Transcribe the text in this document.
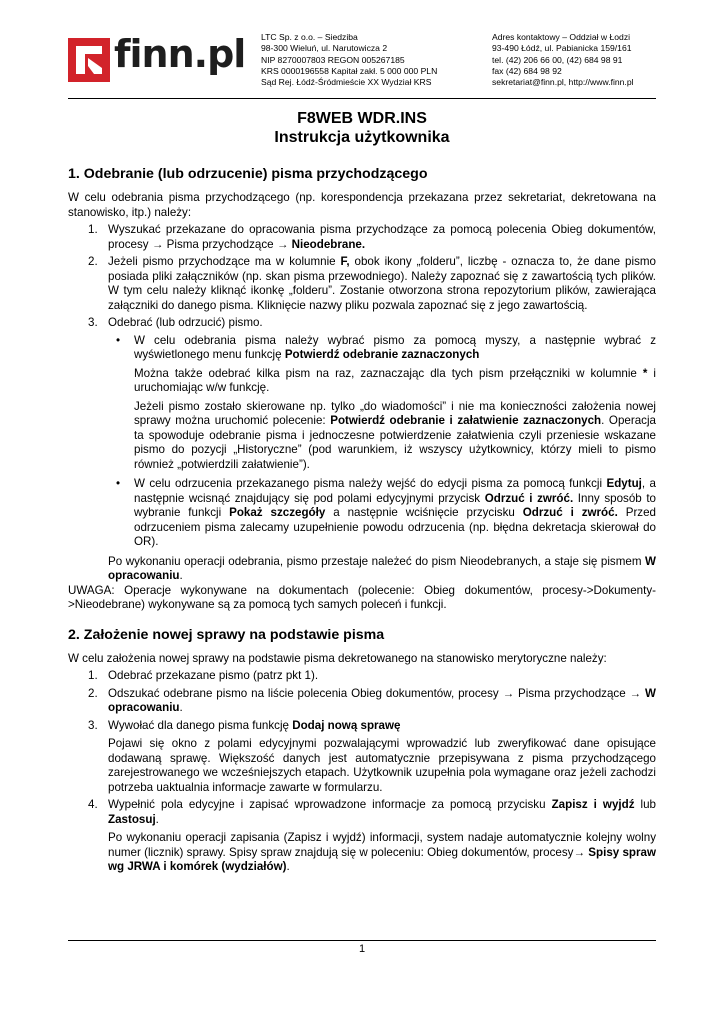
finn.pl LTC Sp. z o.o. – Siedziba
98-300 Wieluń, ul. Narutowicza 2
NIP 8270007803 REGON 005267185
KRS 0000196558 Kapitał zakł. 5 000 000 PLN
Sąd Rej. Łódź-Śródmieście XX Wydział KRS
Adres kontaktowy – Oddział w Łodzi
93-490 Łódź, ul. Pabianicka 159/161
tel. (42) 206 66 00, (42) 684 98 91
fax (42) 684 98 92
sekretariat@finn.pl, http://www.finn.pl
F8WEB WDR.INS
Instrukcja użytkownika
1. Odebranie (lub odrzucenie) pisma przychodzącego

W celu odebrania pisma przychodzącego (np. korespondencja przekazana przez sekretariat, dekretowana na stanowisko, itp.) należy:

1. Wyszukać przekazane do opracowania pisma przychodzące za pomocą polecenia Obieg dokumentów, procesy → Pisma przychodzące → Nieodebrane.
2. Jeżeli pismo przychodzące ma w kolumnie F, obok ikony „folderu”, liczbę - oznacza to, że dane pismo posiada pliki załączników (np. skan pisma przewodniego). Należy zapoznać się z zawartością tych plików. W tym celu należy kliknąć ikonkę „folderu”. Zostanie otworzona strona repozytorium plików, zawierająca załączniki do danego pisma. Kliknięcie nazwy pliku pozwala zapoznać się z jego zawartością.
3. Odebrać (lub odrzucić) pismo.
• W celu odebrania pisma należy wybrać pismo za pomocą myszy, a następnie wybrać z wyświetlonego menu funkcję Potwierdź odebranie zaznaczonych

Można także odebrać kilka pism na raz, zaznaczając dla tych pism przełączniki w kolumnie * i uruchomiając w/w funkcję.

Jeżeli pismo zostało skierowane np. tylko „do wiadomości” i nie ma konieczności założenia nowej sprawy można uruchomić polecenie: Potwierdź odebranie i załatwienie zaznaczonych. Operacja ta spowoduje odebranie pisma i jednoczesne potwierdzenie załatwienia czyli przeniesie wskazane pismo do pozycji „Historyczne” (pod warunkiem, iż wszyscy użytkownicy, którzy mieli to pismo również „potwierdzili załatwienie”).

• W celu odrzucenia przekazanego pisma należy wejść do edycji pisma za pomocą funkcji Edytuj, a następnie wcisnąć znajdujący się pod polami edycyjnymi przycisk Odrzuć i zwróć. Inny sposób to wybranie funkcji Pokaż szczegóły a następnie wciśnięcie przycisku Odrzuć i zwróć. Przed odrzuceniem pisma zalecamy uzupełnienie powodu odrzucenia (np. błędna dekretacja skierował do OR).

Po wykonaniu operacji odebrania, pismo przestaje należeć do pism Nieodebranych, a staje się pismem W opracowaniu.

UWAGA: Operacje wykonywane na dokumentach (polecenie: Obieg dokumentów, procesy->Dokumenty->Nieodebrane) wykonywane są za pomocą tych samych poleceń i funkcji.

2. Założenie nowej sprawy na podstawie pisma

W celu założenia nowej sprawy na podstawie pisma dekretowanego na stanowisko merytoryczne należy:

1. Odebrać przekazane pismo (patrz pkt 1).
2. Odszukać odebrane pismo na liście polecenia Obieg dokumentów, procesy → Pisma przychodzące → W opracowaniu.
3. Wywołać dla danego pisma funkcję Dodaj nową sprawę

Pojawi się okno z polami edycyjnymi pozwalającymi wprowadzić lub zweryfikować dane opisujące dodawaną sprawę. Większość danych jest automatycznie przepisywana z pisma przychodzącego zarejestrowanego we wcześniejszych etapach. Użytkownik uzupełnia pola wymagane oraz jeżeli zachodzi potrzeba uaktualnia informacje zawarte w formularzu.

4. Wypełnić pola edycyjne i zapisać wprowadzone informacje za pomocą przycisku Zapisz i wyjdź lub Zastosuj.

Po wykonaniu operacji zapisania (Zapisz i wyjdź) informacji, system nadaje automatycznie kolejny wolny numer (licznik) sprawy. Spisy spraw znajdują się w poleceniu: Obieg dokumentów, procesy→ Spisy spraw wg JRWA i komórek (wydziałów).

1
